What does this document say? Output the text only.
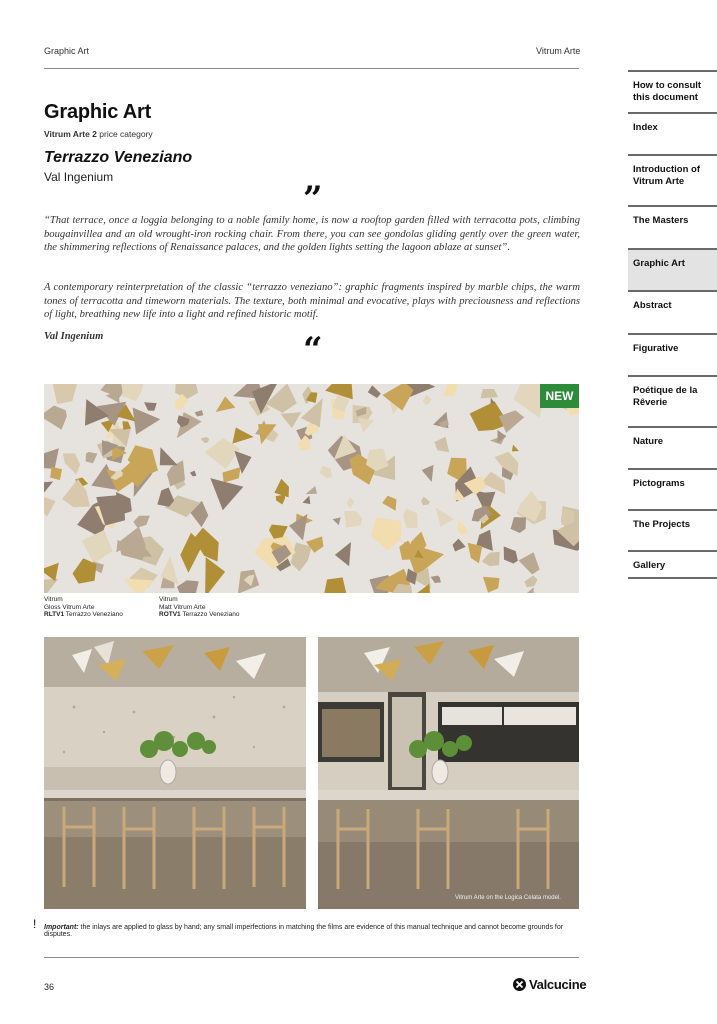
Graphic Art	Vitrum Arte
Graphic Art
Vitrum Arte 2 price category
Terrazzo Veneziano
Val Ingenium
”
“That terrace, once a loggia belonging to a noble family home, is now a rooftop garden filled with terracotta pots, climbing bougainvillea and an old wrought-iron rocking chair. From there, you can see gondolas gliding gently over the green water, the shimmering reflections of Renaissance palaces, and the golden lights setting the lagoon ablaze at sunset”.
A contemporary reinterpretation of the classic “terrazzo veneziano”: graphic fragments inspired by marble chips, the warm tones of terracotta and timeworn materials. The texture, both minimal and evocative, plays with preciousness and reflections of light, breathing new life into a light and refined historic motif.
Val Ingenium	“
NEW
Vitrum
Gloss Vitrum Arte
RLTV1 Terrazzo Veneziano
Vitrum
Matt Vitrum Arte
ROTV1 Terrazzo Veneziano
Vitrum Arte on the Logica Celata model.
! Important: the inlays are applied to glass by hand; any small imperfections in matching the films are evidence of this manual technique and cannot become grounds for disputes.
36	Valcucine
How to consult this document
Index
Introduction of Vitrum Arte
The Masters
Graphic Art
Abstract
Figurative
Poétique de la Rêverie
Nature
Pictograms
The Projects
Gallery
